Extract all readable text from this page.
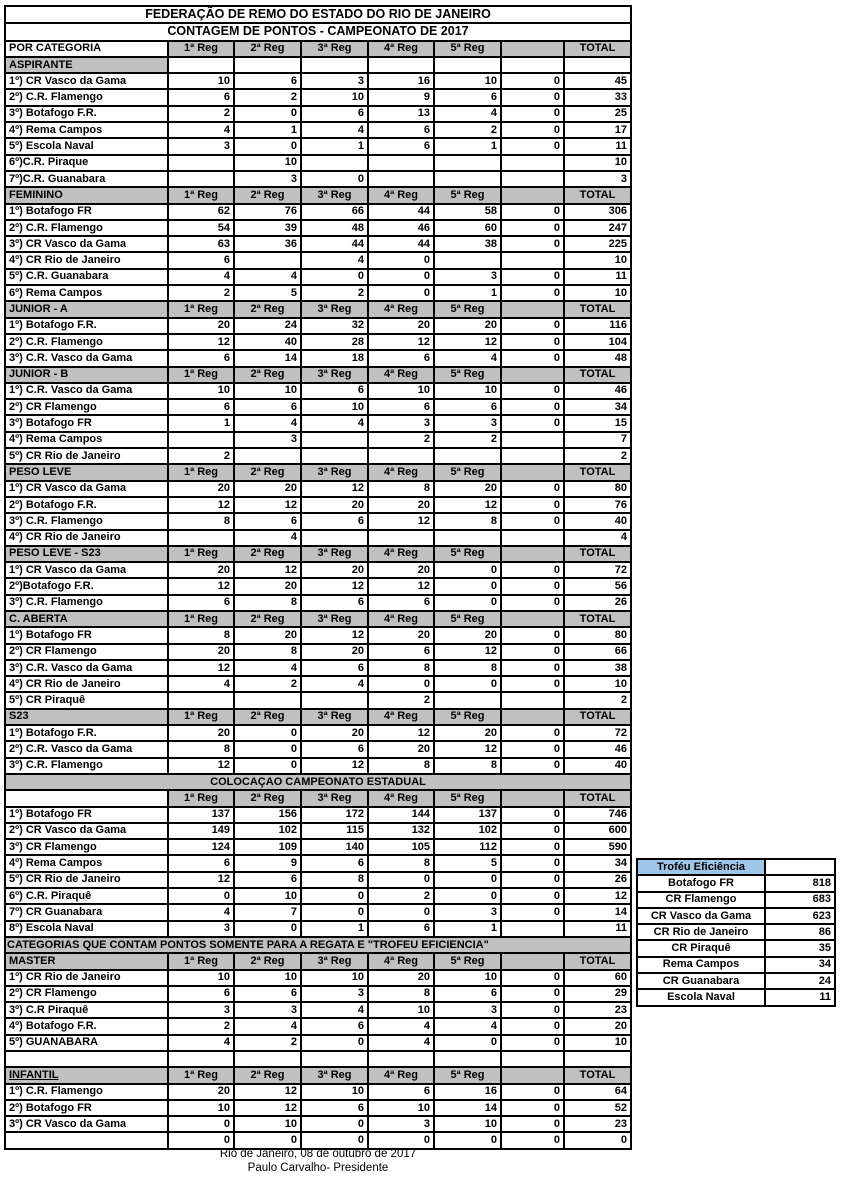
FEDERAÇÃO DE REMO DO ESTADO DO RIO DE JANEIRO							
CONTAGEM DE PONTOS - CAMPEONATO DE 2017							
POR CATEGORIA	1ª Reg	2ª Reg	3ª Reg	4ª Reg	5ª Reg		TOTAL
ASPIRANTE							
1º) CR Vasco da Gama	10	6	3	16	10	0	45
2º) C.R. Flamengo	6	2	10	9	6	0	33
3º) Botafogo F.R.	2	0	6	13	4	0	25
4º) Rema Campos	4	1	4	6	2	0	17
5º) Escola Naval	3	0	1	6	1	0	11
6º)C.R. Piraque		10					10
7º)C.R. Guanabara		3	0				3
FEMININO	1ª Reg	2ª Reg	3ª Reg	4ª Reg	5ª Reg		TOTAL
1º) Botafogo FR	62	76	66	44	58	0	306
2º) C.R. Flamengo	54	39	48	46	60	0	247
3º) CR Vasco da Gama	63	36	44	44	38	0	225
4º) CR Rio de Janeiro	6		4	0			10
5º) C.R. Guanabara	4	4	0	0	3	0	11
6º) Rema Campos	2	5	2	0	1	0	10
JUNIOR - A	1ª Reg	2ª Reg	3ª Reg	4ª Reg	5ª Reg		TOTAL
1º) Botafogo F.R.	20	24	32	20	20	0	116
2º) C.R. Flamengo	12	40	28	12	12	0	104
3º) C.R. Vasco da Gama	6	14	18	6	4	0	48
JUNIOR - B	1ª Reg	2ª Reg	3ª Reg	4ª Reg	5ª Reg		TOTAL
1º) C.R. Vasco da Gama	10	10	6	10	10	0	46
2º) CR Flamengo	6	6	10	6	6	0	34
3º) Botafogo FR	1	4	4	3	3	0	15
4º) Rema Campos		3		2	2		7
5º) CR Rio de Janeiro	2						2
PESO LEVE	1ª Reg	2ª Reg	3ª Reg	4ª Reg	5ª Reg		TOTAL
1º) CR Vasco da Gama	20	20	12	8	20	0	80
2º) Botafogo F.R.	12	12	20	20	12	0	76
3º) C.R. Flamengo	8	6	6	12	8	0	40
4º) CR Rio de Janeiro		4					4
PESO LEVE - S23	1ª Reg	2ª Reg	3ª Reg	4ª Reg	5ª Reg		TOTAL
1º) CR Vasco da Gama	20	12	20	20	0	0	72
2º)Botafogo F.R.	12	20	12	12	0	0	56
3º) C.R. Flamengo	6	8	6	6	0	0	26
C. ABERTA	1ª Reg	2ª Reg	3ª Reg	4ª Reg	5ª Reg		TOTAL
1º) Botafogo FR	8	20	12	20	20	0	80
2º) CR Flamengo	20	8	20	6	12	0	66
3º) C.R. Vasco da Gama	12	4	6	8	8	0	38
4º) CR Rio de Janeiro	4	2	4	0	0	0	10
5º) CR Piraquê				2			2
S23	1ª Reg	2ª Reg	3ª Reg	4ª Reg	5ª Reg		TOTAL
1º) Botafogo F.R.	20	0	20	12	20	0	72
2º) C.R. Vasco da Gama	8	0	6	20	12	0	46
3º) C.R. Flamengo	12	0	12	8	8	0	40
COLOCAÇAO CAMPEONATO ESTADUAL							
	1ª Reg	2ª Reg	3ª Reg	4ª Reg	5ª Reg		TOTAL
1º) Botafogo FR	137	156	172	144	137	0	746
2º) CR Vasco da Gama	149	102	115	132	102	0	600
3º) CR Flamengo	124	109	140	105	112	0	590
4º) Rema Campos	6	9	6	8	5	0	34
5º) CR Rio de Janeiro	12	6	8	0	0	0	26
6º) C.R. Piraquê	0	10	0	2	0	0	12
7º) CR Guanabara	4	7	0	0	3	0	14
8º) Escola Naval	3	0	1	6	1		11
CATEGORIAS QUE CONTAM PONTOS SOMENTE PARA A REGATA E "TROFEU EFICIENCIA"							
MASTER	1ª Reg	2ª Reg	3ª Reg	4ª Reg	5ª Reg		TOTAL
1º) CR Rio de Janeiro	10	10	10	20	10	0	60
2º) CR Flamengo	6	6	3	8	6	0	29
3º) C.R Piraquê	3	3	4	10	3	0	23
4º) Botafogo F.R.	2	4	6	4	4	0	20
5º) GUANABARA	4	2	0	4	0	0	10

INFANTIL	1ª Reg	2ª Reg	3ª Reg	4ª Reg	5ª Reg		TOTAL
1º) C.R. Flamengo	20	12	10	6	16	0	64
2º) Botafogo FR	10	12	6	10	14	0	52
3º) CR Vasco da Gama	0	10	0	3	10	0	23
	0	0	0	0	0	0	0
Troféu Eficiência	
Botafogo FR	818
CR Flamengo	683
CR Vasco da Gama	623
CR Rio de Janeiro	86
CR Piraquê	35
Rema Campos	34
CR Guanabara	24
Escola Naval	11
Rio de Janeiro, 08 de outubro de 2017
Paulo Carvalho- Presidente
